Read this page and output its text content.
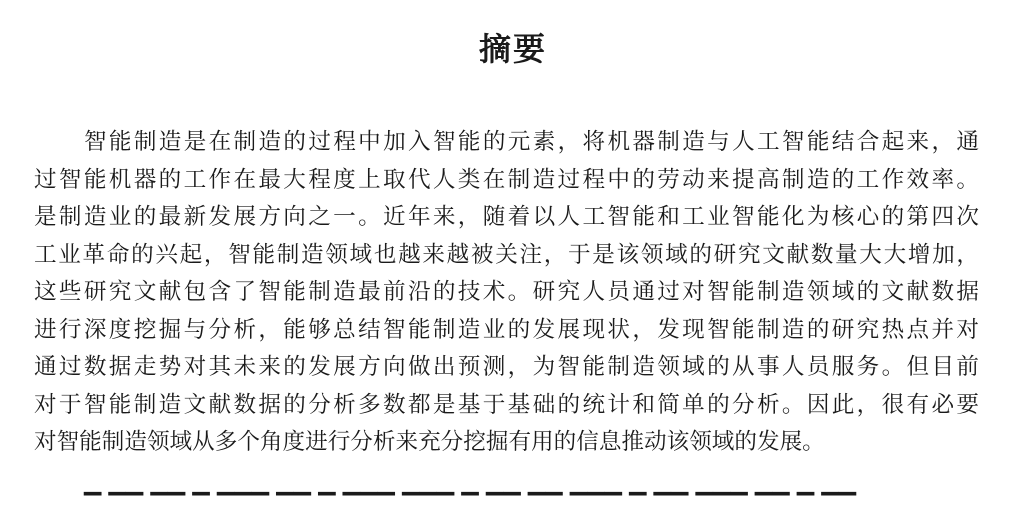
摘要
智能制造是在制造的过程中加入智能的元素，将机器制造与人工智能结合起来，通
过智能机器的工作在最大程度上取代人类在制造过程中的劳动来提高制造的工作效率。
是制造业的最新发展方向之一。近年来，随着以人工智能和工业智能化为核心的第四次
工业革命的兴起，智能制造领域也越来越被关注，于是该领域的研究文献数量大大增加，
这些研究文献包含了智能制造最前沿的技术。研究人员通过对智能制造领域的文献数据
进行深度挖掘与分析，能够总结智能制造业的发展现状，发现智能制造的研究热点并对
通过数据走势对其未来的发展方向做出预测，为智能制造领域的从事人员服务。但目前
对于智能制造文献数据的分析多数都是基于基础的统计和简单的分析。因此，很有必要
对智能制造领域从多个角度进行分析来充分挖掘有用的信息推动该领域的发展。
▔ ▔▔ ▔▔ ▔ ▔▔▔ ▔▔ ▔ ▔▔▔ ▔▔▔ ▔ ▔▔ ▔▔ ▔▔▔ ▔ ▔▔ ▔▔▔ ▔▔ ▔ ▔▔
